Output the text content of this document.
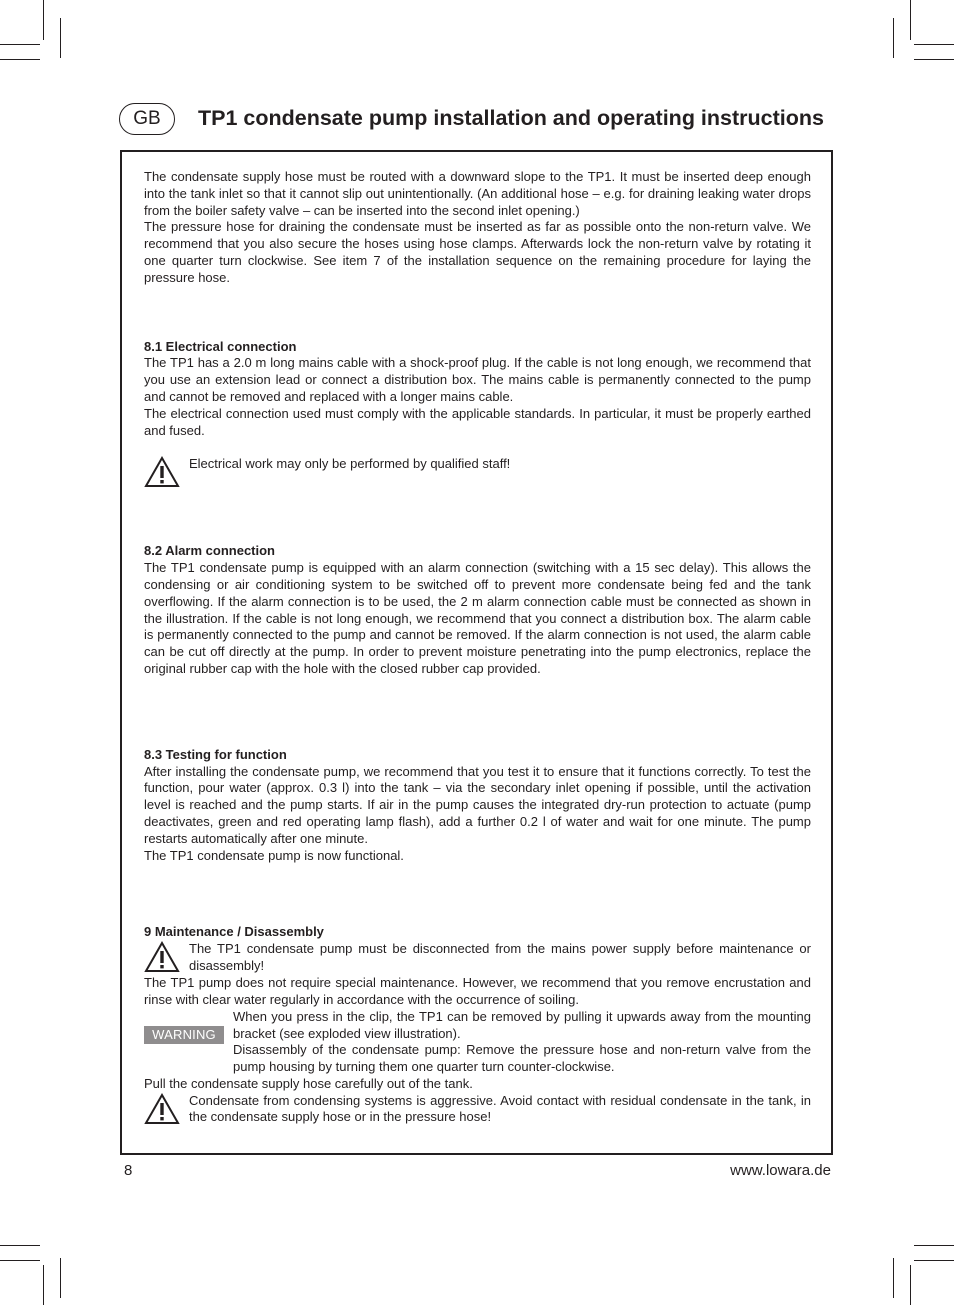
GB	TP1 condensate pump installation and operating instructions

The condensate supply hose must be routed with a downward slope to the TP1. It must be inserted deep enough into the tank inlet so that it cannot slip out unintentionally. (An additional hose – e.g. for draining leaking water drops from the boiler safety valve – can be inserted into the second inlet opening.)

The pressure hose for draining the condensate must be inserted as far as possible onto the non-return valve. We recommend that you also secure the hoses using hose clamps. Afterwards lock the non-return valve by rotating it one quarter turn clockwise. See item 7 of the installation sequence on the remaining procedure for laying the pressure hose.

8.1 Electrical connection

The TP1 has a 2.0 m long mains cable with a shock-proof plug. If the cable is not long enough, we recommend that you use an extension lead or connect a distribution box. The mains cable is permanently connected to the pump and cannot be removed and replaced with a longer mains cable.

The electrical connection used must comply with the applicable standards. In particular, it must be properly earthed and fused.

Electrical work may only be performed by qualified staff!

8.2 Alarm connection

The TP1 condensate pump is equipped with an alarm connection (switching with a 15 sec delay). This allows the condensing or air conditioning system to be switched off to prevent more condensate being fed and the tank overflowing. If the alarm connection is to be used, the 2 m alarm connection cable must be connected as shown in the illustration. If the cable is not long enough, we recommend that you connect a distribution box. The alarm cable is permanently connected to the pump and cannot be removed. If the alarm connection is not used, the alarm cable can be cut off directly at the pump. In order to prevent moisture penetrating into the pump electronics, replace the original rubber cap with the hole with the closed rubber cap provided.

8.3 Testing for function

After installing the condensate pump, we recommend that you test it to ensure that it functions correctly. To test the function, pour water (approx. 0.3 l) into the tank – via the secondary inlet opening if possible, until the activation level is reached and the pump starts. If air in the pump causes the integrated dry-run protection to actuate (pump deactivates, green and red operating lamp flash), add a further 0.2 l of water and wait for one minute. The pump restarts automatically after one minute.

The TP1 condensate pump is now functional.

9 Maintenance / Disassembly

The TP1 condensate pump must be disconnected from the mains power supply before maintenance or disassembly!

The TP1 pump does not require special maintenance. However, we recommend that you remove encrustation and rinse with clear water regularly in accordance with the occurrence of soiling.

WARNING

When you press in the clip, the TP1 can be removed by pulling it upwards away from the mounting bracket (see exploded view illustration).

Disassembly of the condensate pump: Remove the pressure hose and non-return valve from the pump housing by turning them one quarter turn counter-clockwise.

Pull the condensate supply hose carefully out of the tank.

Condensate from condensing systems is aggressive. Avoid contact with residual condensate in the tank, in the condensate supply hose or in the pressure hose!

8	www.lowara.de
